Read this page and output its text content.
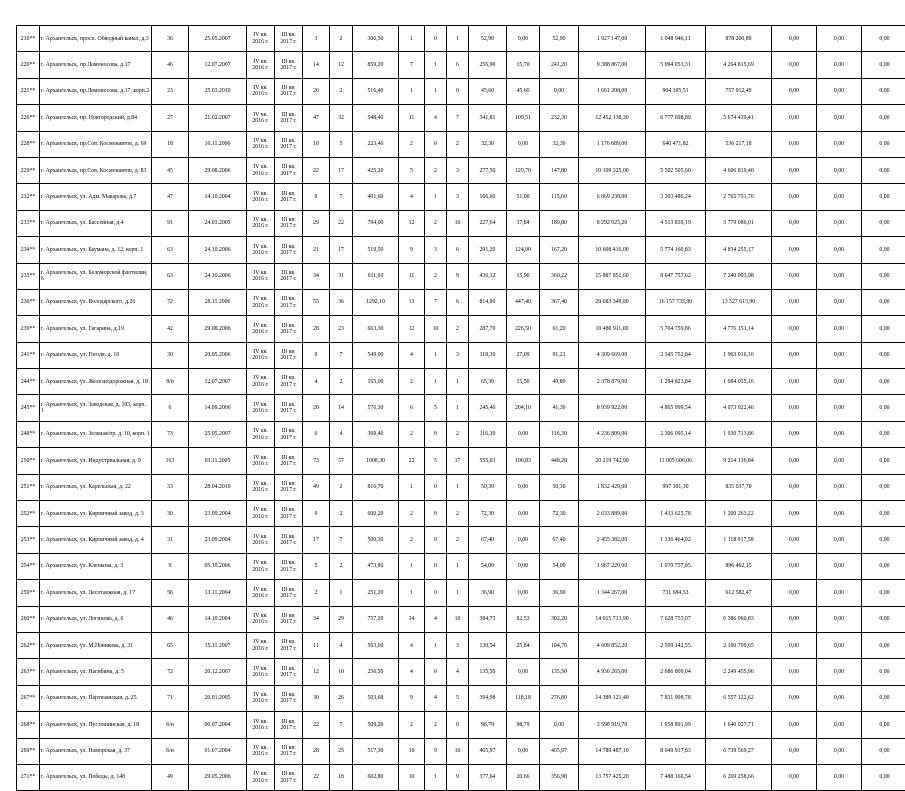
216**	г. Архангельск, просп. Обводный канал, д.3	36	25.05.2007	IV кв. 2016 г.	III кв. 2017 г.	3	2	306,50	1	0	1	52,90	0,00	52,90	1 927 147,00	1 048 946,11	878 200,89	0,00	0,00	0,00
220**	г. Архангельск, пр.Ломоносова, д.17	46	12.07.2007	IV кв. 2016 г.	III кв. 2017 г.	14	12	859,20	7	1	6	256,90	15,70	241,20	9 388 867,00	5 094 051,31	4 264 815,69	0,00	0,00	0,00
221**	г. Архангельск, пр.Ломоносова, д.17, корп.2	23	25.03.2010	IV кв. 2016 г.	III кв. 2017 г.	26	2	516,40	1	1	0	45,60	45,60	0,00	1 661 208,00	904 195,51	757 012,49	0,00	0,00	0,00
226**	г. Архангельск, пр. Новгородский, д.84	27	21.02.2007	IV кв. 2016 г.	III кв. 2017 г.	47	32	548,40	11	4	7	341,81	109,51	232,30	12 452 138,30	6 777 698,89	5 674 439,41	0,00	0,00	0,00
228**	г. Архангельск, пр.Сов. Космонавтов, д. 69	18	16.11.2006	IV кв. 2016 г.	III кв. 2017 г.	10	5	223,40	2	0	2	32,30	0,00	32,30	1 176 689,00	640 471,82	536 217,18	0,00	0,00	0,00
229**	г. Архангельск, пр.Сов. Космонавтов, д. 83	45	29.08.2006	IV кв. 2016 г.	III кв. 2017 г.	22	17	425,20	5	2	3	277,50	129,70	147,80	10 109 325,00	5 502 505,60	4 606 819,40	0,00	0,00	0,00
232**	г. Архангельск, ул. Адм. Макарова, д.7	47	14.10.2004	IV кв. 2016 г.	III кв. 2017 г.	9	7	401,60	4	1	3	166,60	51,00	115,60	6 069 238,00	3 303 486,24	2 765 751,76	0,00	0,00	0,00
233**	г. Архангельск, ул. Бассейная, д.4	91	24.03.2005	IV кв. 2016 г.	III кв. 2017 г.	29	22	794,00	12	2	10	227,64	37,84	189,80	8 292 925,20	4 513 839,19	3 779 086,01	0,00	0,00	0,00
234**	г. Архангельск, ул. Баумана, д. 12, корп. 1	63	24.10.2006	IV кв. 2016 г.	III кв. 2017 г.	21	17	519,50	9	3	6	291,20	124,00	167,20	10 608 416,00	5 774 160,83	4 834 255,17	0,00	0,00	0,00
235**	г. Архангельск, ул. Беломорской флотилии, 6	63	24.10.2006	IV кв. 2016 г.	III кв. 2017 г.	34	31	611,60	11	2	9	436,12	15,90	360,22	15 887 851,60	8 647 757,62	7 240 093,98	0,00	0,00	0,00
236**	г. Архангельск, ул. Володарского, д.26	72	28.11.2006	IV кв. 2016 г.	III кв. 2017 г.	55	36	1292,10	13	7	6	814,80	447,40	367,40	29 683 349,80	16 157 735,90	13 527 613,90	0,00	0,00	0,00
239**	г. Архангельск, ул. Гагарина, д.19	42	29.08.2006	IV кв. 2016 г.	III кв. 2017 г.	28	23	663,30	12	10	2	287,70	226,50	61,20	10 480 911,00	5 704 759,86	4 776 151,14	0,00	0,00	0,00
241**	г. Архангельск, ул. Гоголя, д. 10	30	20.05.2006	IV кв. 2016 г.	III кв. 2017 г.	9	7	549,00	4	1	3	118,30	27,09	91,21	4 309 669,00	2 345 752,84	1 963 916,16	0,00	0,00	0,00
244**	г. Архангельск, ул. Железнодорожная, д. 18	8/н	12.07.2007	IV кв. 2016 г.	III кв. 2017 г.	4	2	165,00	2	1	1	65,30	15,50	49,80	2 378 879,00	1 294 823,84	1 084 055,16	0,00	0,00	0,00
245**	г. Архангельск, ул. Заводская, д. 103, корп. 1	6	14.09.2006	IV кв. 2016 г.	III кв. 2017 г.	20	14	576,30	6	5	1	245,40	204,10	41,30	8 939 922,00	4 865 999,54	4 073 922,46	0,00	0,00	0,00
248**	г. Архангельск, ул. Зеленая/пр. д. 10, корп. 1	73	25.05.2007	IV кв. 2016 г.	III кв. 2017 г.	6	4	369,40	2	0	2	116,30	0,00	116,30	4 236 809,00	2 306 095,14	1 930 713,86	0,00	0,00	0,00
250**	г. Архангельск, ул. Индустриальная, д. 9	163	03.11.2005	IV кв. 2016 г.	III кв. 2017 г.	73	57	1008,30	22	5	17	555,03	106,83	448,20	20 219 742,90	11 005 606,06	9 214 136,84	0,00	0,00	0,00
251**	г. Архангельск, ул. Карельская, д. 22	33	28.04.2010	IV кв. 2016 г.	III кв. 2017 г.	49	2	816,70	1	0	1	50,30	0,00	50,30	1 832 429,00	997 391,30	835 037,70	0,00	0,00	0,00
252**	г. Архангельск, ул. Кирпичный завод, д. 3	30	23.09.2004	IV кв. 2016 г.	III кв. 2017 г.	9	2	600,20	2	0	2	72,30	0,00	72,30	2 633 889,00	1 433 625,78	1 200 263,22	0,00	0,00	0,00
253**	г. Архангельск, ул. Кирпичный завод, д. 4	31	23.09.2004	IV кв. 2016 г.	III кв. 2017 г.	17	7	500,30	2	0	2	67,40	0,00	67,40	2 455 382,00	1 336 464,92	1 118 917,58	0,00	0,00	0,00
254**	г. Архангельск, ул. Клепкова, д. 3	9	05.10.2006	IV кв. 2016 г.	III кв. 2017 г.	5	2	473,80	1	0	1	54,00	0,00	54,00	1 967 220,00	1 070 757,85	896 462,15	0,00	0,00	0,00
259**	г. Архангельск, ул. Лесотаежная, д. 17	56	13.11.2004	IV кв. 2016 г.	III кв. 2017 г.	2	1	251,20	1	0	1	36,90	0,00	36,90	1 344 267,00	731 684,53	612 582,47	0,00	0,00	0,00
260**	г. Архангельск, ул. Логинова, д. 6	46	14.10.2004	IV кв. 2016 г.	III кв. 2017 г.	34	29	757,20	14	4	10	384,73	82,53	302,20	14 015 713,90	7 628 753,07	6 386 960,83	0,00	0,00	0,00
262**	г. Архангельск, ул. М.Новикова, д. 31	65	15.11.2007	IV кв. 2016 г.	III кв. 2017 г.	11	4	563,60	4	1	3	130,54	25,84	104,70	4 609 852,20	2 509 142,55	2 100 709,65	0,00	0,00	0,00
263**	г. Архангельск, ул. Нагибина, д. 5	72	20.12.2007	IV кв. 2016 г.	III кв. 2017 г.	12	10	256,50	4	0	4	135,50	0,00	135,50	4 936 265,00	2 686 809,04	2 249 455,96	0,00	0,00	0,00
267**	г. Архангельск, ул. Партизанская, д. 25	71	20.01.2005	IV кв. 2016 г.	III кв. 2017 г.	30	26	503,68	9	4	5	394,98	118,18	276,80	14 389 121,40	7 831 998,78	6 557 122,62	0,00	0,00	0,00
268**	г. Архангельск, ул. Пустошинская, д. 18	б/н	06.07.2004	IV кв. 2016 г.	III кв. 2017 г.	22	7	509,20	2	2	0	98,79	98,79	0,00	3 598 919,70	1 958 891,99	1 640 027,71	0,00	0,00	0,00
269**	г. Архангельск, ул. Поморская, д. 37	б/н	01.07.2004	IV кв. 2016 г.	III кв. 2017 г.	28	25	517,30	10	9	10	405,97	0,00	405,97	14 789 487,10	8 049 917,83	6 739 569,27	0,00	0,00	0,00
271**	г. Архангельск, ул. Победы, д. 148	49	29.05.2006	IV кв. 2016 г.	III кв. 2017 г.	22	18	602,80	10	1	9	377,64	20,66	356,98	13 757 425,20	7 488 166,54	6 269 258,66	0,00	0,00	0,00
